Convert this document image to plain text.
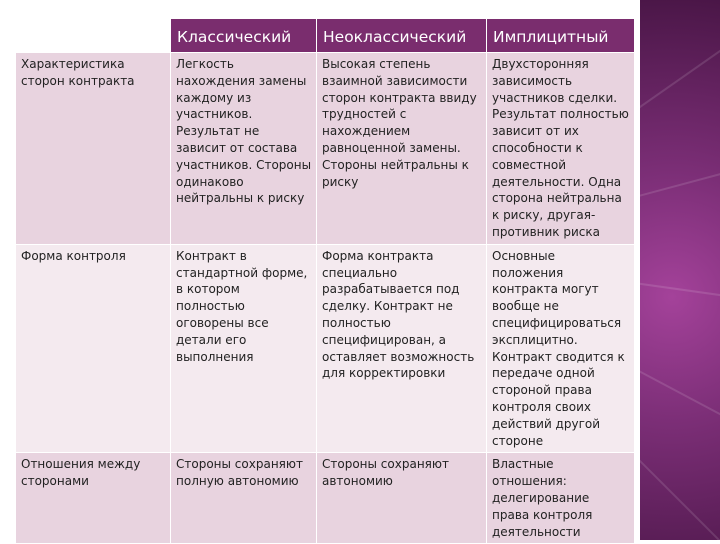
	Классический	Неоклассический	Имплицитный
Характеристика сторон контракта	Легкость нахождения замены каждому из участников. Результат не зависит от состава участников. Стороны одинаково нейтральны к риску	Высокая степень взаимной зависимости сторон контракта ввиду трудностей с нахождением равноценной замены. Стороны нейтральны к риску	Двухсторонняя зависимость участников сделки. Результат полностью зависит от их способности к совместной деятельности. Одна сторона нейтральна к риску, другая-противник риска
Форма контроля	Контракт в стандартной форме, в котором полностью оговорены все детали его выполнения	Форма контракта специально разрабатывается под сделку. Контракт не полностью специфицирован, а оставляет возможность для корректировки	Основные положения контракта могут вообще не специфицироваться эксплицитно. Контракт сводится к передаче одной стороной права контроля своих действий другой стороне
Отношения между сторонами	Стороны сохраняют полную автономию	Стороны сохраняют автономию	Властные отношения: делегирование права контроля деятельности
